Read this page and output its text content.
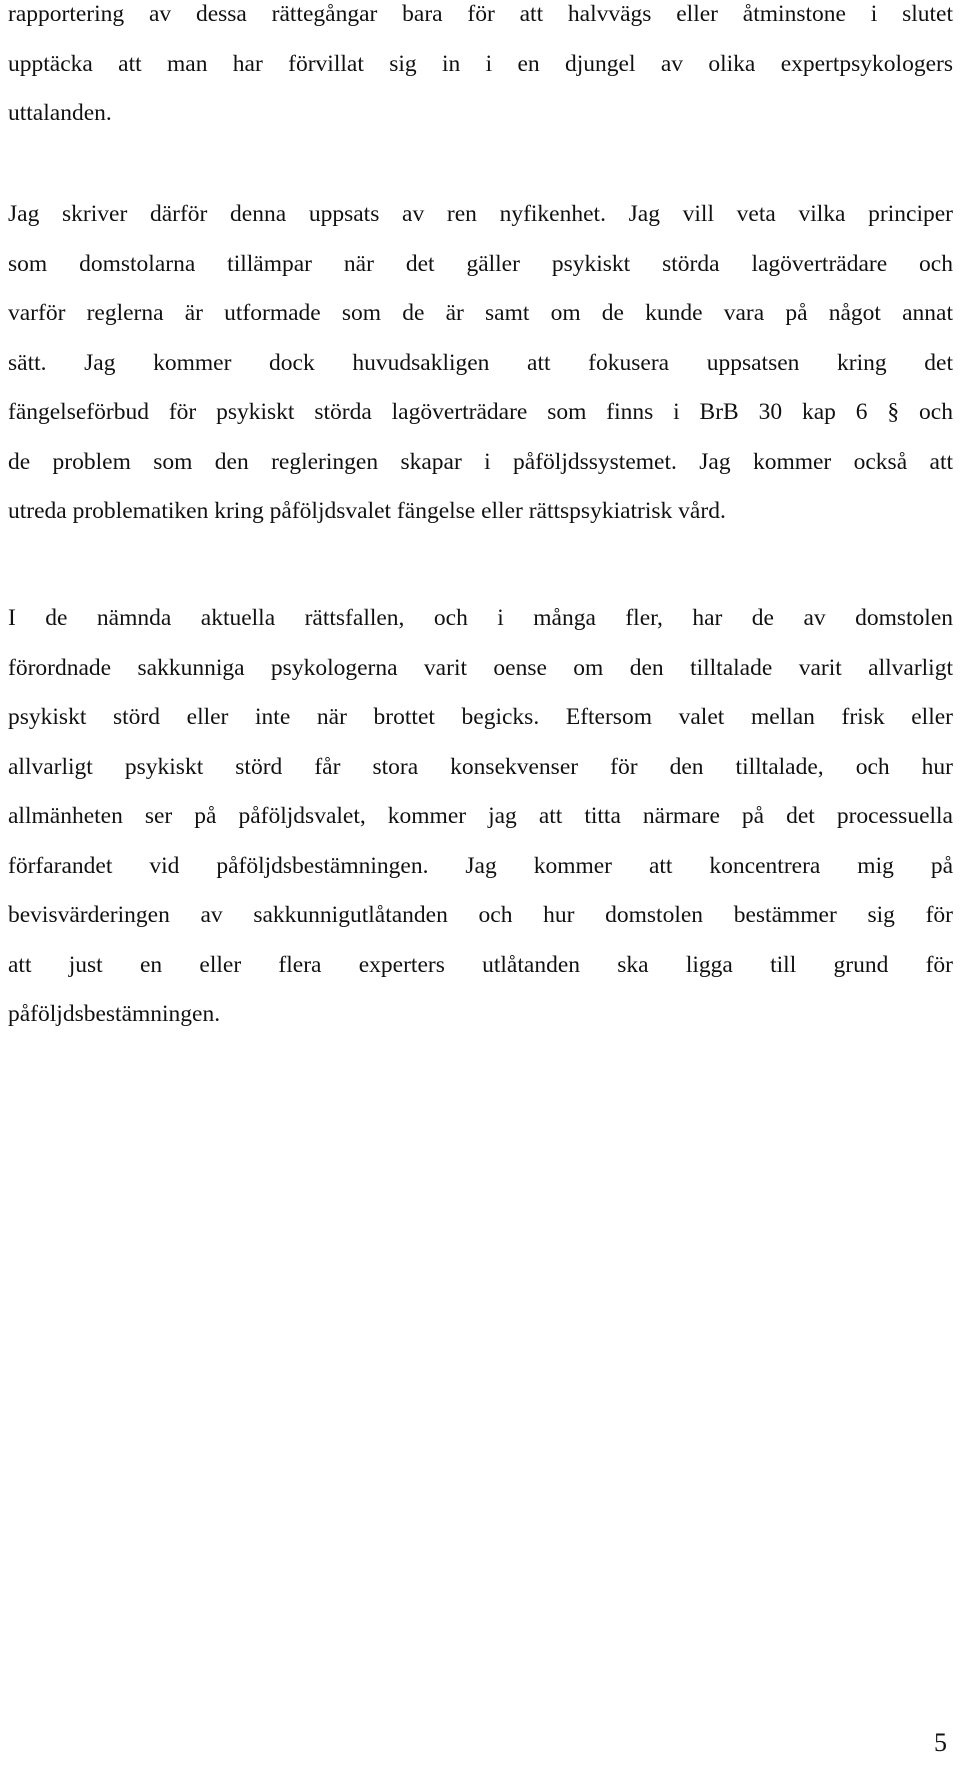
rapportering av dessa rättegångar bara för att halvvägs eller åtminstone i slutet
upptäcka att man har förvillat sig in i en djungel av olika expertpsykologers
uttalanden.
Jag skriver därför denna uppsats av ren nyfikenhet. Jag vill veta vilka principer
som domstolarna tillämpar när det gäller psykiskt störda lagöverträdare och
varför reglerna är utformade som de är samt om de kunde vara på något annat
sätt. Jag kommer dock huvudsakligen att fokusera uppsatsen kring det
fängelseförbud för psykiskt störda lagöverträdare som finns i BrB 30 kap 6 § och
de problem som den regleringen skapar i påföljdssystemet. Jag kommer också att
utreda problematiken kring påföljdsvalet fängelse eller rättspsykiatrisk vård.
I de nämnda aktuella rättsfallen, och i många fler, har de av domstolen
förordnade sakkunniga psykologerna varit oense om den tilltalade varit allvarligt
psykiskt störd eller inte när brottet begicks. Eftersom valet mellan frisk eller
allvarligt psykiskt störd får stora konsekvenser för den tilltalade, och hur
allmänheten ser på påföljdsvalet, kommer jag att titta närmare på det processuella
förfarandet vid påföljdsbestämningen. Jag kommer att koncentrera mig på
bevisvärderingen av sakkunnigutlåtanden och hur domstolen bestämmer sig för
att just en eller flera experters utlåtanden ska ligga till grund för
påföljdsbestämningen.
5
